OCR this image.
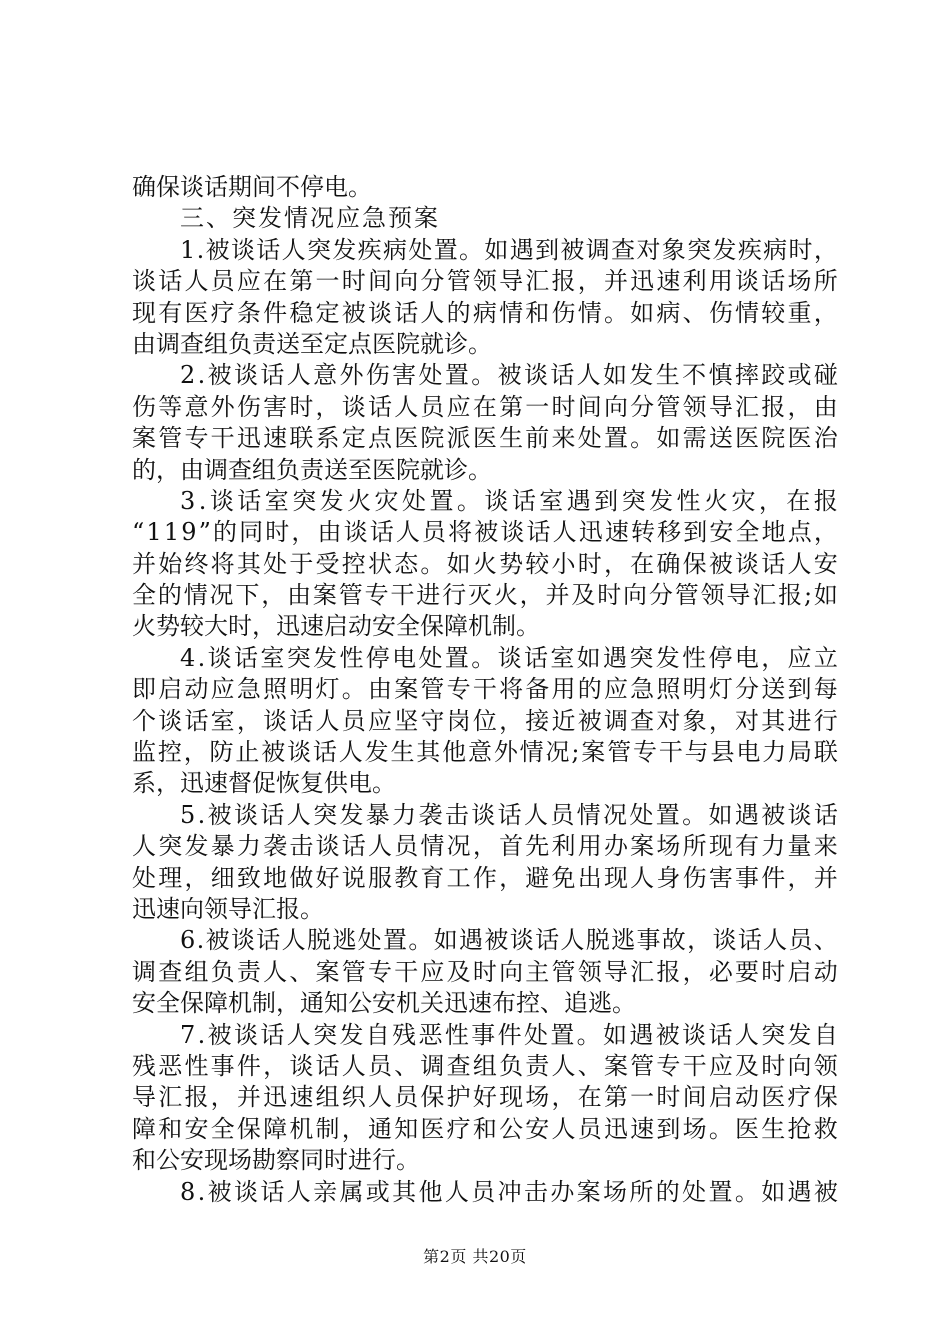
确保谈话期间不停电。
三、突发情况应急预案
1 . 被 谈 话 人 突 发 疾 病 处 置 。 如 遇 到 被 调 查 对 象 突 发 疾 病 时 ，
谈 话 人 员 应 在 第 一 时 间 向 分 管 领 导 汇 报 ， 并 迅 速 利 用 谈 话 场 所
现 有 医 疗 条 件 稳 定 被 谈 话 人 的 病 情 和 伤 情 。 如 病 、 伤 情 较 重 ，
由调查组负责送至定点医院就诊。
2 . 被 谈 话 人 意 外 伤 害 处 置 。 被 谈 话 人 如 发 生 不 慎 摔 跤 或 碰
伤 等 意 外 伤 害 时 ， 谈 话 人 员 应 在 第 一 时 间 向 分 管 领 导 汇 报 ， 由
案 管 专 干 迅 速 联 系 定 点 医 院 派 医 生 前 来 处 置 。 如 需 送 医 院 医 治
的，由调查组负责送至医院就诊。
3 . 谈 话 室 突 发 火 灾 处 置 。 谈 话 室 遇 到 突 发 性 火 灾 ， 在 报
“ 1 1 9 ” 的 同 时 ， 由 谈 话 人 员 将 被 谈 话 人 迅 速 转 移 到 安 全 地 点 ，
并 始 终 将 其 处 于 受 控 状 态 。 如 火 势 较 小 时 ， 在 确 保 被 谈 话 人 安
全 的 情 况 下 ， 由 案 管 专 干 进 行 灭 火 ， 并 及 时 向 分 管 领 导 汇 报 ; 如
火势较大时，迅速启动安全保障机制。
4 . 谈 话 室 突 发 性 停 电 处 置 。 谈 话 室 如 遇 突 发 性 停 电 ， 应 立
即 启 动 应 急 照 明 灯 。 由 案 管 专 干 将 备 用 的 应 急 照 明 灯 分 送 到 每
个 谈 话 室 ， 谈 话 人 员 应 坚 守 岗 位 ， 接 近 被 调 查 对 象 ， 对 其 进 行
监 控 ， 防 止 被 谈 话 人 发 生 其 他 意 外 情 况 ; 案 管 专 干 与 县 电 力 局 联
系，迅速督促恢复供电。
5 . 被 谈 话 人 突 发 暴 力 袭 击 谈 话 人 员 情 况 处 置 。 如 遇 被 谈 话
人 突 发 暴 力 袭 击 谈 话 人 员 情 况 ， 首 先 利 用 办 案 场 所 现 有 力 量 来
处 理 ， 细 致 地 做 好 说 服 教 育 工 作 ， 避 免 出 现 人 身 伤 害 事 件 ， 并
迅速向领导汇报。
6 . 被 谈 话 人 脱 逃 处 置 。 如 遇 被 谈 话 人 脱 逃 事 故 ， 谈 话 人 员 、
调 查 组 负 责 人 、 案 管 专 干 应 及 时 向 主 管 领 导 汇 报 ， 必 要 时 启 动
安全保障机制，通知公安机关迅速布控、追逃。
7 . 被 谈 话 人 突 发 自 残 恶 性 事 件 处 置 。 如 遇 被 谈 话 人 突 发 自
残 恶 性 事 件 ， 谈 话 人 员 、 调 查 组 负 责 人 、 案 管 专 干 应 及 时 向 领
导 汇 报 ， 并 迅 速 组 织 人 员 保 护 好 现 场 ， 在 第 一 时 间 启 动 医 疗 保
障 和 安 全 保 障 机 制 ， 通 知 医 疗 和 公 安 人 员 迅 速 到 场 。 医 生 抢 救
和公安现场勘察同时进行。
8 . 被 谈 话 人 亲 属 或 其 他 人 员 冲 击 办 案 场 所 的 处 置 。 如 遇 被
第2页 共20页
